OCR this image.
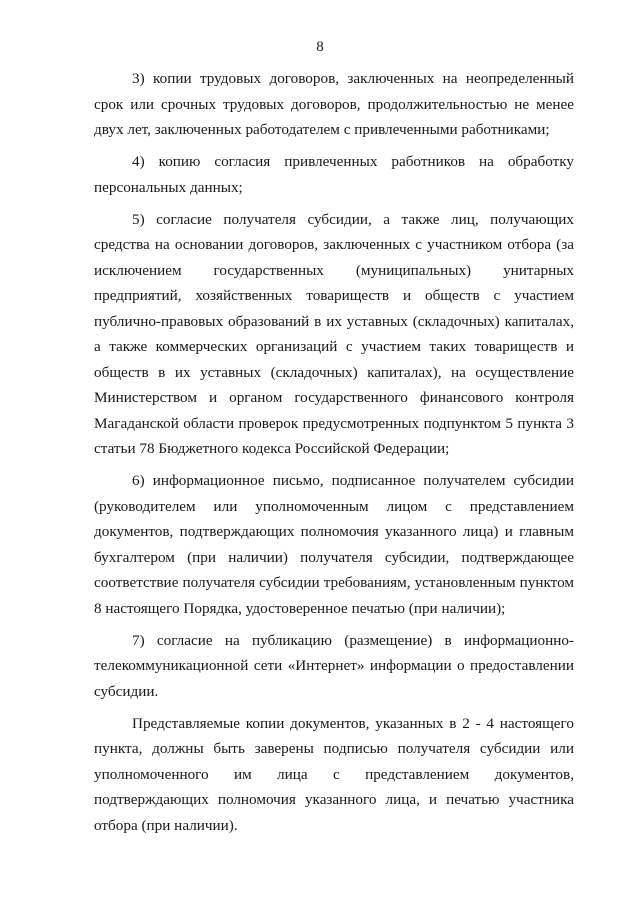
8

3) копии трудовых договоров, заключенных на неопределенный срок или срочных трудовых договоров, продолжительностью не менее двух лет, заключенных работодателем с привлеченными работниками;

4) копию согласия привлеченных работников на обработку персональных данных;

5) согласие получателя субсидии, а также лиц, получающих средства на основании договоров, заключенных с участником отбора (за исключением государственных (муниципальных) унитарных предприятий, хозяйственных товариществ и обществ с участием публично-правовых образований в их уставных (складочных) капиталах, а также коммерческих организаций с участием таких товариществ и обществ в их уставных (складочных) капиталах), на осуществление Министерством и органом государственного финансового контроля Магаданской области проверок предусмотренных подпунктом 5 пункта 3 статьи 78 Бюджетного кодекса Российской Федерации;

6) информационное письмо, подписанное получателем субсидии (руководителем или уполномоченным лицом с представлением документов, подтверждающих полномочия указанного лица) и главным бухгалтером (при наличии) получателя субсидии, подтверждающее соответствие получателя субсидии требованиям, установленным пунктом 8 настоящего Порядка, удостоверенное печатью (при наличии);

7) согласие на публикацию (размещение) в информационно-телекоммуникационной сети «Интернет» информации о предоставлении субсидии.

Представляемые копии документов, указанных в 2 - 4 настоящего пункта, должны быть заверены подписью получателя субсидии или уполномоченного им лица с представлением документов, подтверждающих полномочия указанного лица, и печатью участника отбора (при наличии).
